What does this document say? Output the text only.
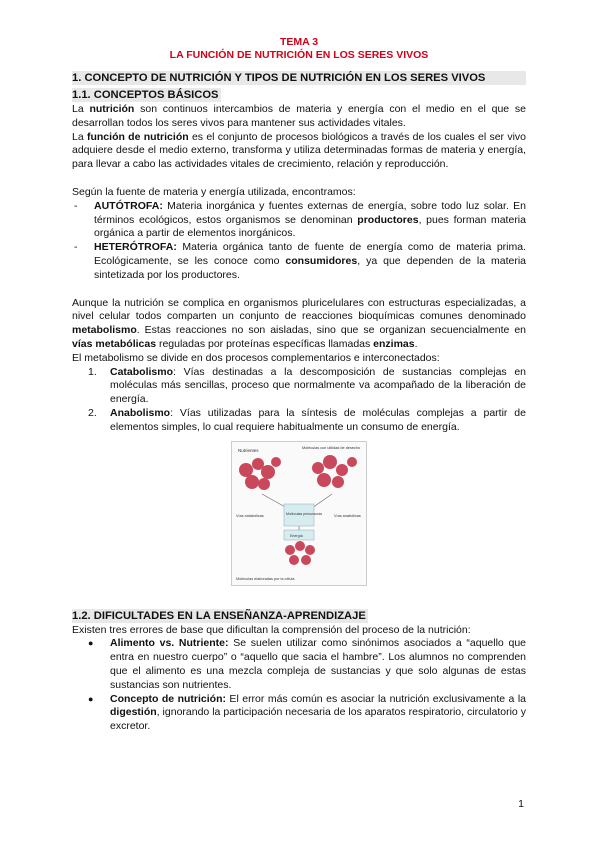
TEMA 3
LA FUNCIÓN DE NUTRICIÓN EN LOS SERES VIVOS
1. CONCEPTO DE NUTRICIÓN Y TIPOS DE NUTRICIÓN EN LOS SERES VIVOS
1.1. CONCEPTOS BÁSICOS

La nutrición son continuos intercambios de materia y energía con el medio en el que se desarrollan todos los seres vivos para mantener sus actividades vitales.

La función de nutrición es el conjunto de procesos biológicos a través de los cuales el ser vivo adquiere desde el medio externo, transforma y utiliza determinadas formas de materia y energía, para llevar a cabo las actividades vitales de crecimiento, relación y reproducción.

Según la fuente de materia y energía utilizada, encontramos:

- AUTÓTROFA: Materia inorgánica y fuentes externas de energía, sobre todo luz solar. En términos ecológicos, estos organismos se denominan productores, pues forman materia orgánica a partir de elementos inorgánicos.
- HETERÓTROFA: Materia orgánica tanto de fuente de energía como de materia prima. Ecológicamente, se les conoce como consumidores, ya que dependen de la materia sintetizada por los productores.

Aunque la nutrición se complica en organismos pluricelulares con estructuras especializadas, a nivel celular todos comparten un conjunto de reacciones bioquímicas comunes denominado metabolismo. Estas reacciones no son aisladas, sino que se organizan secuencialmente en vías metabólicas reguladas por proteínas específicas llamadas enzimas.

El metabolismo se divide en dos procesos complementarios e interconectados:

1. Catabolismo: Vías destinadas a la descomposición de sustancias complejas en moléculas más sencillas, proceso que normalmente va acompañado de la liberación de energía.
2. Anabolismo: Vías utilizadas para la síntesis de moléculas complejas a partir de elementos simples, lo cual requiere habitualmente un consumo de energía.
Nutrientes	Moléculas con utilidad de desecho
Vías catabólicas	Vías anabólicas
Moléculas precursoras
Energía
Moléculas elaboradas por la célula
1.2. DIFICULTADES EN LA ENSEÑANZA-APRENDIZAJE

Existen tres errores de base que dificultan la comprensión del proceso de la nutrición:

● Alimento vs. Nutriente: Se suelen utilizar como sinónimos asociados a “aquello que entra en nuestro cuerpo” o “aquello que sacia el hambre”. Los alumnos no comprenden que el alimento es una mezcla compleja de sustancias y que solo algunas de estas sustancias son nutrientes.
● Concepto de nutrición: El error más común es asociar la nutrición exclusivamente a la digestión, ignorando la participación necesaria de los aparatos respiratorio, circulatorio y excretor.
1
